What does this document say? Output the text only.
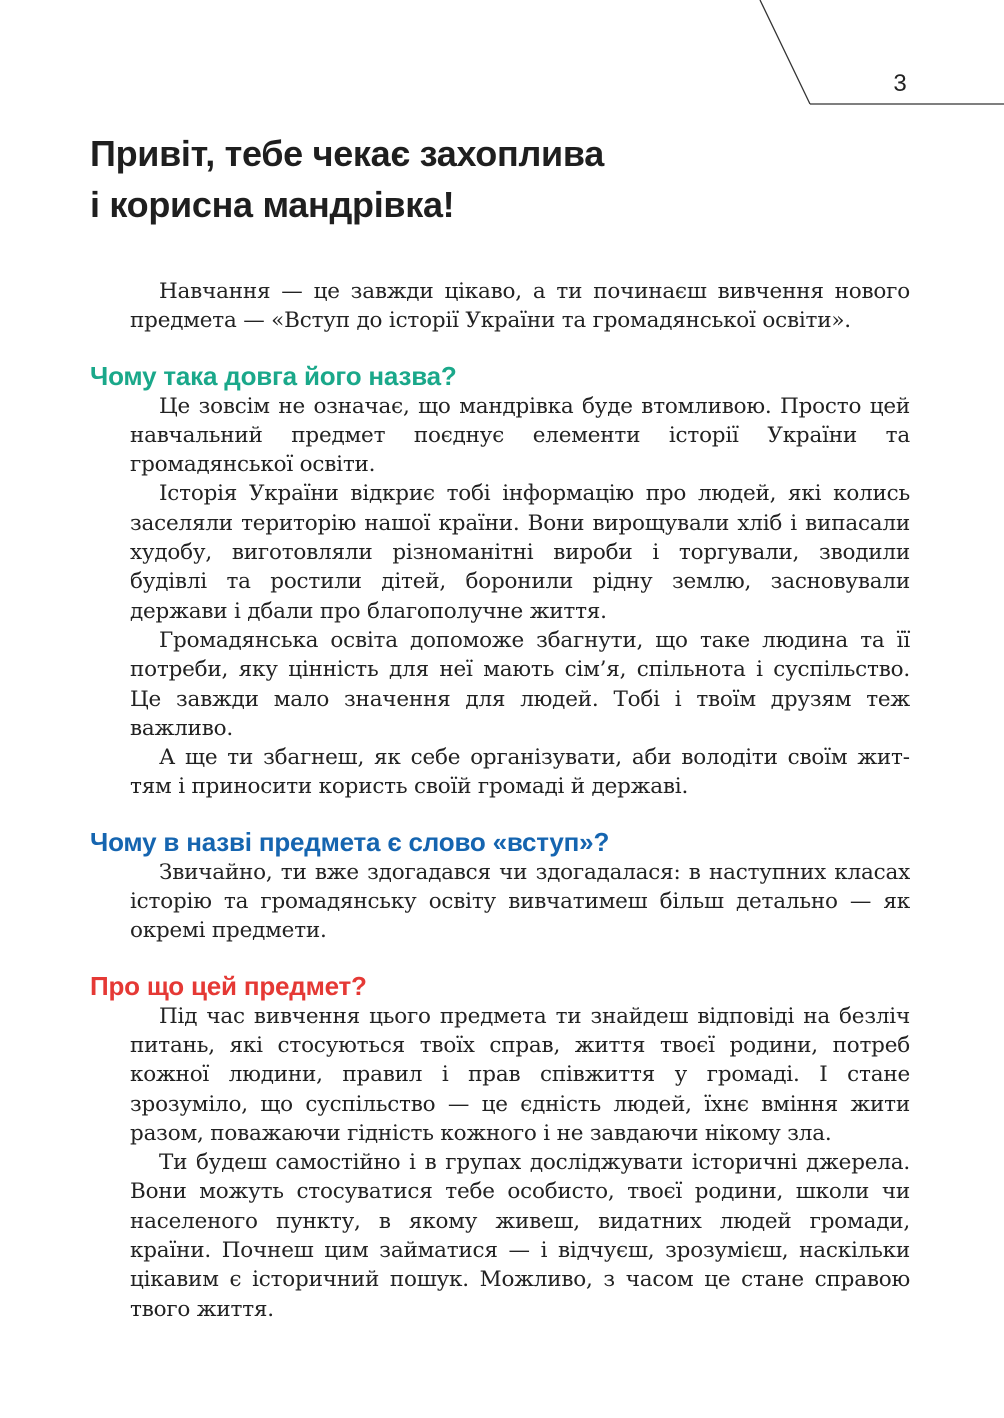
3
Привіт, тебе чекає захоплива
і корисна мандрівка!

Навчання — це завжди цікаво, а ти починаєш вивчення нового предмета — «Вступ до історії України та громадянської освіти».

Чому така довга його назва?

Це зовсім не означає, що мандрівка буде втомливою. Просто цей навчальний предмет поєднує елементи історії України та громадянської освіти.

Історія України відкриє тобі інформацію про людей, які колись заселяли територію нашої країни. Вони вирощували хліб і випасали худобу, виготовляли різноманітні вироби і торгували, зводили будівлі та ростили дітей, боронили рідну землю, засновували держави і дбали про благополучне життя.

Громадянська освіта допоможе збагнути, що таке людина та її потреби, яку цінність для неї мають сім’я, спільнота і суспільство. Це завжди мало значення для людей. Тобі і твоїм друзям теж важливо.

А ще ти збагнеш, як себе організувати, аби володіти своїм життям і приносити користь своїй громаді й державі.

Чому в назві предмета є слово «вступ»?

Звичайно, ти вже здогадався чи здогадалася: в наступних класах історію та громадянську освіту вивчатимеш більш детально — як окремі предмети.

Про що цей предмет?

Під час вивчення цього предмета ти знайдеш відповіді на безліч питань, які стосуються твоїх справ, життя твоєї родини, потреб кожної людини, правил і прав співжиття у громаді. І стане зрозуміло, що суспільство — це єдність людей, їхнє вміння жити разом, поважаючи гідність кожного і не завдаючи нікому зла.

Ти будеш самостійно і в групах досліджувати історичні джерела. Вони можуть стосуватися тебе особисто, твоєї родини, школи чи населеного пункту, в якому живеш, видатних людей громади, країни. Почнеш цим займатися — і відчуєш, зрозумієш, наскільки цікавим є історичний пошук. Можливо, з часом це стане справою твого життя.
